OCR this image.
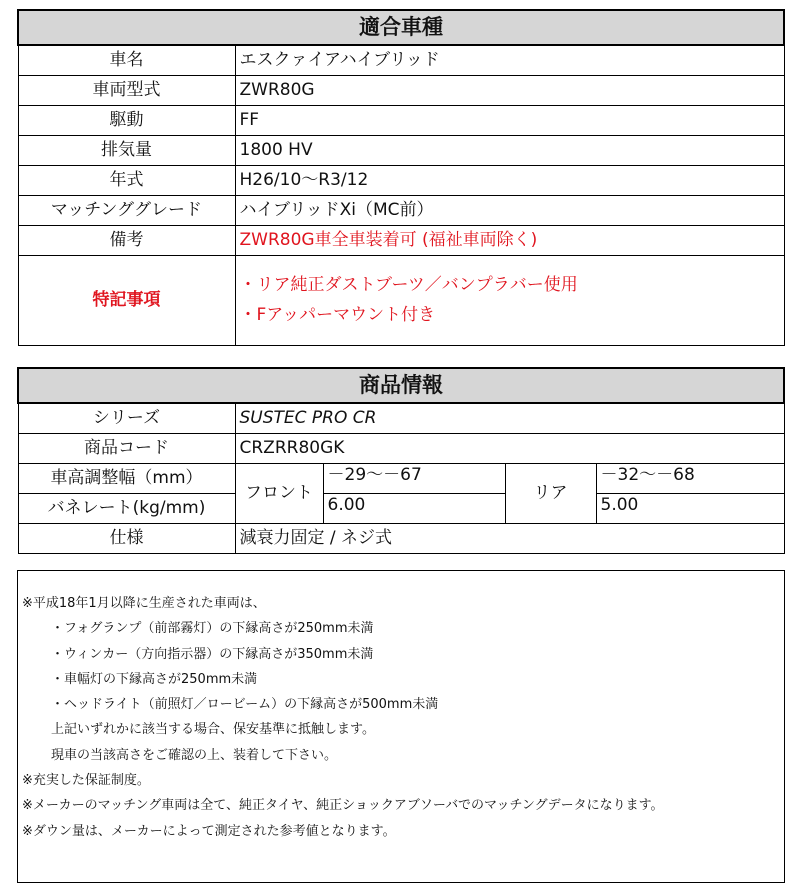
適合車種	
車名	エスクァイアハイブリッド
車両型式	ZWR80G
駆動	FF
排気量	1800 HV
年式	H26/10～R3/12
マッチンググレード	ハイブリッドXi（MC前）
備考	ZWR80G車全車装着可 (福祉車両除く)
特記事項	・リア純正ダストブーツ／バンプラバー使用
・Fアッパーマウント付き
商品情報				
シリーズ	SUSTEC PRO CR			
商品コード	CRZRR80GK			
車高調整幅（mm）	フロント	－29～－67	リア	－32～－68
バネレート(kg/mm)		6.00		5.00
仕様	減衰力固定 / ネジ式			
※平成18年1月以降に生産された車両は、
・フォグランプ（前部霧灯）の下縁高さが250mm未満
・ウィンカー（方向指示器）の下縁高さが350mm未満
・車幅灯の下縁高さが250mm未満
・ヘッドライト（前照灯／ロービーム）の下縁高さが500mm未満
上記いずれかに該当する場合、保安基準に抵触します。
現車の当該高さをご確認の上、装着して下さい。
※充実した保証制度。
※メーカーのマッチング車両は全て、純正タイヤ、純正ショックアブソーバでのマッチングデータになります。
※ダウン量は、メーカーによって測定された参考値となります。
